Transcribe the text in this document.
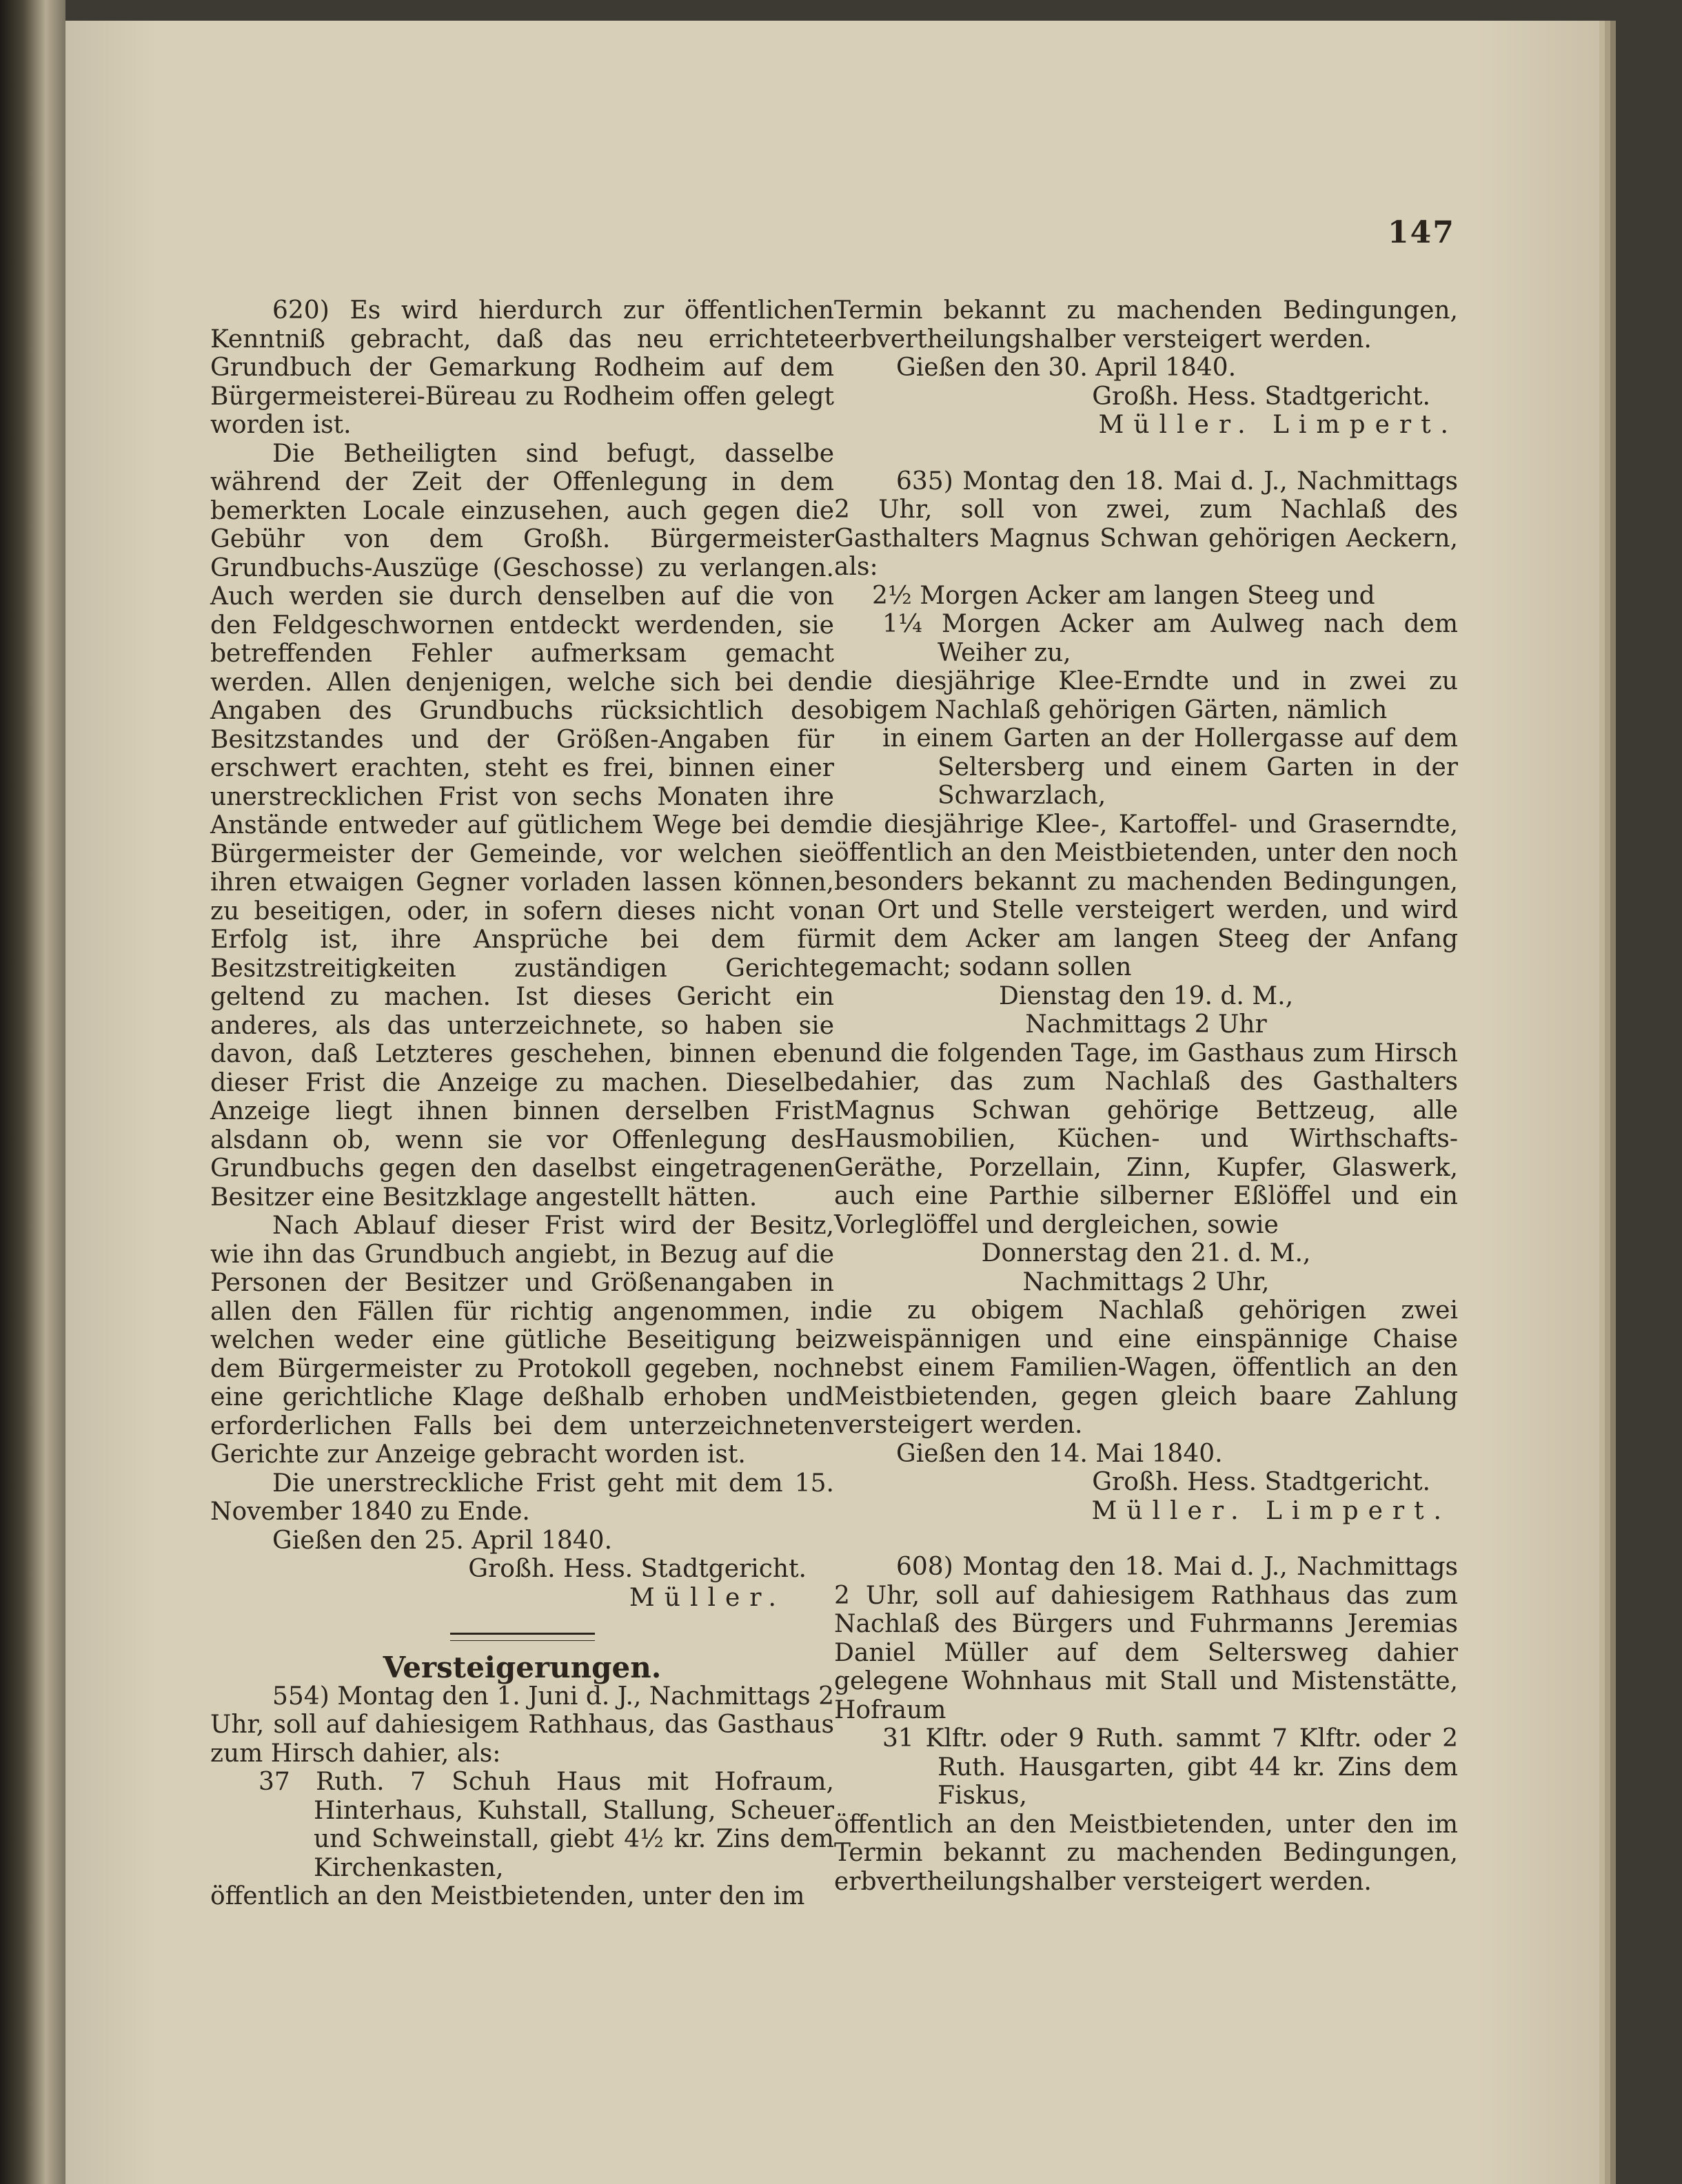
147

620) Es wird hierdurch zur öffentlichen Kenntniß gebracht, daß das neu errichtete Grundbuch der Gemarkung Rodheim auf dem Bürgermeisterei-Büreau zu Rodheim offen gelegt worden ist.

Die Betheiligten sind befugt, dasselbe während der Zeit der Offenlegung in dem bemerkten Locale einzusehen, auch gegen die Gebühr von dem Großh. Bürgermeister Grundbuchs-Auszüge (Geschosse) zu verlangen. Auch werden sie durch denselben auf die von den Feldgeschwornen entdeckt werdenden, sie betreffenden Fehler aufmerksam gemacht werden. Allen denjenigen, welche sich bei den Angaben des Grundbuchs rücksichtlich des Besitzstandes und der Größen-Angaben für erschwert erachten, steht es frei, binnen einer unerstrecklichen Frist von sechs Monaten ihre Anstände entweder auf gütlichem Wege bei dem Bürgermeister der Gemeinde, vor welchen sie ihren etwaigen Gegner vorladen lassen können, zu beseitigen, oder, in sofern dieses nicht von Erfolg ist, ihre Ansprüche bei dem für Besitzstreitigkeiten zuständigen Gerichte geltend zu machen. Ist dieses Gericht ein anderes, als das unterzeichnete, so haben sie davon, daß Letzteres geschehen, binnen eben dieser Frist die Anzeige zu machen. Dieselbe Anzeige liegt ihnen binnen derselben Frist alsdann ob, wenn sie vor Offenlegung des Grundbuchs gegen den daselbst eingetragenen Besitzer eine Besitzklage angestellt hätten.

Nach Ablauf dieser Frist wird der Besitz, wie ihn das Grundbuch angiebt, in Bezug auf die Personen der Besitzer und Größenangaben in allen den Fällen für richtig angenommen, in welchen weder eine gütliche Beseitigung bei dem Bürgermeister zu Protokoll gegeben, noch eine gerichtliche Klage deßhalb erhoben und erforderlichen Falls bei dem unterzeichneten Gerichte zur Anzeige gebracht worden ist.

Die unerstreckliche Frist geht mit dem 15. November 1840 zu Ende.

Gießen den 25. April 1840.

Großh. Hess. Stadtgericht.

Müller.

Versteigerungen.

554) Montag den 1. Juni d. J., Nachmittags 2 Uhr, soll auf dahiesigem Rathhaus, das Gasthaus zum Hirsch dahier, als:

37 Ruth. 7 Schuh Haus mit Hofraum, Hinterhaus, Kuhstall, Stallung, Scheuer und Schweinstall, giebt 4½ kr. Zins dem Kirchenkasten,

öffentlich an den Meistbietenden, unter den im

Termin bekannt zu machenden Bedingungen, erbvertheilungshalber versteigert werden.

Gießen den 30. April 1840.

Großh. Hess. Stadtgericht.

Müller. Limpert.

635) Montag den 18. Mai d. J., Nachmittags 2 Uhr, soll von zwei, zum Nachlaß des Gasthalters Magnus Schwan gehörigen Aeckern, als:

2½ Morgen Acker am langen Steeg und

1¼ Morgen Acker am Aulweg nach dem Weiher zu,

die diesjährige Klee-Erndte und in zwei zu obigem Nachlaß gehörigen Gärten, nämlich

in einem Garten an der Hollergasse auf dem Seltersberg und einem Garten in der Schwarzlach,

die diesjährige Klee-, Kartoffel- und Graserndte, öffentlich an den Meistbietenden, unter den noch besonders bekannt zu machenden Bedingungen, an Ort und Stelle versteigert werden, und wird mit dem Acker am langen Steeg der Anfang gemacht; sodann sollen

Dienstag den 19. d. M.,

Nachmittags 2 Uhr

und die folgenden Tage, im Gasthaus zum Hirsch dahier, das zum Nachlaß des Gasthalters Magnus Schwan gehörige Bettzeug, alle Hausmobilien, Küchen- und Wirthschafts-Geräthe, Porzellain, Zinn, Kupfer, Glaswerk, auch eine Parthie silberner Eßlöffel und ein Vorleglöffel und dergleichen, sowie

Donnerstag den 21. d. M.,

Nachmittags 2 Uhr,

die zu obigem Nachlaß gehörigen zwei zweispännigen und eine einspännige Chaise nebst einem Familien-Wagen, öffentlich an den Meistbietenden, gegen gleich baare Zahlung versteigert werden.

Gießen den 14. Mai 1840.

Großh. Hess. Stadtgericht.

Müller. Limpert.

608) Montag den 18. Mai d. J., Nachmittags 2 Uhr, soll auf dahiesigem Rathhaus das zum Nachlaß des Bürgers und Fuhrmanns Jeremias Daniel Müller auf dem Seltersweg dahier gelegene Wohnhaus mit Stall und Mistenstätte, Hofraum

31 Klftr. oder 9 Ruth. sammt 7 Klftr. oder 2 Ruth. Hausgarten, gibt 44 kr. Zins dem Fiskus,

öffentlich an den Meistbietenden, unter den im Termin bekannt zu machenden Bedingungen, erbvertheilungshalber versteigert werden.
